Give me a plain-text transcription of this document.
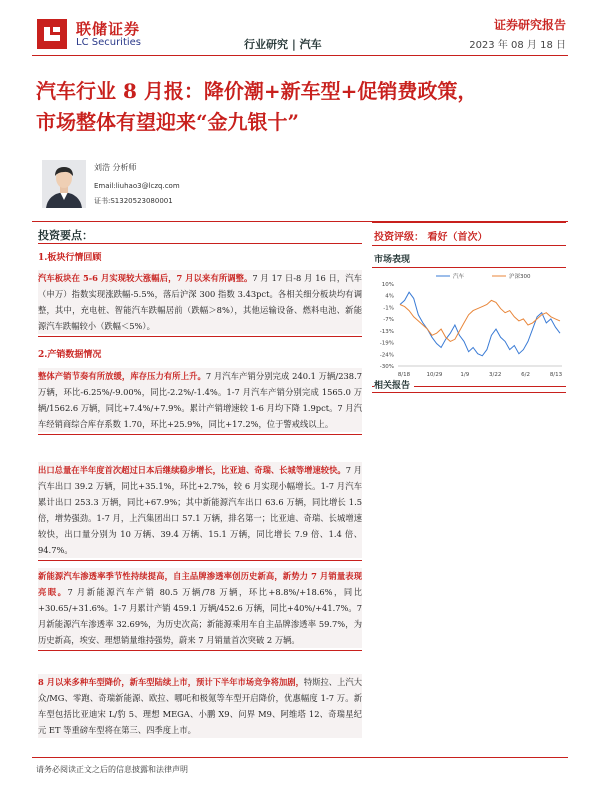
联储证券
LC Securities	行业研究 | 汽车
证券研究报告
2023 年 08 月 18 日
汽车行业 8 月报：降价潮+新车型+促销费政策，
市场整体有望迎来“金九银十”
刘浩 分析师
Email:liuhao3@lczq.com
证书:S1320523080001
投资要点：
1.板块行情回顾
汽车板块在 5-6 月实现较大涨幅后，7 月以来有所调整。7 月 17 日-8 月 16 日，汽车（申万）指数实现涨跌幅-5.5%，落后沪深 300 指数 3.43pct。各相关细分板块均有调整，其中，充电桩、智能汽车跌幅居前（跌幅＞8%），其他运输设备、燃料电池、新能源汽车跌幅较小（跌幅＜5%）。
2.产销数据情况
整体产销节奏有所放缓，库存压力有所上升。7 月汽车产销分别完成 240.1 万辆/238.7 万辆，环比-6.25%/-9.00%，同比-2.2%/-1.4%。1-7 月汽车产销分别完成 1565.0 万辆/1562.6 万辆，同比+7.4%/+7.9%。累计产销增速较 1-6 月均下降 1.9pct。7 月汽车经销商综合库存系数 1.70，环比+25.9%，同比+17.2%，位于警戒线以上。
出口总量在半年度首次超过日本后继续稳步增长，比亚迪、奇瑞、长城等增速较快。7 月汽车出口 39.2 万辆，同比+35.1%，环比+2.7%，较 6 月实现小幅增长。1-7 月汽车累计出口 253.3 万辆，同比+67.9%；其中新能源汽车出口 63.6 万辆，同比增长 1.5 倍，增势强劲。1-7 月，上汽集团出口 57.1 万辆，排名第一；比亚迪、奇瑞、长城增速较快，出口量分别为 10 万辆、39.4 万辆、15.1 万辆，同比增长 7.9 倍、1.4 倍、94.7%。
新能源汽车渗透率季节性持续提高，自主品牌渗透率创历史新高，新势力 7 月销量表现亮眼。7 月新能源汽车产销 80.5 万辆/78 万辆，环比+8.8%/+18.6%，同比+30.65/+31.6%。1-7 月累计产销 459.1 万辆/452.6 万辆，同比+40%/+41.7%。7 月新能源汽车渗透率 32.69%，为历史次高；新能源乘用车自主品牌渗透率 59.7%，为历史新高，埃安、理想销量维持强势，蔚来 7 月销量首次突破 2 万辆。
8 月以来多种车型降价，新车型陆续上市，预计下半年市场竞争将加剧，特斯拉、上汽大众/MG、零跑、奇瑞新能源、欧拉、哪吒和极氪等车型开启降价，优惠幅度 1-7 万。新车型包括比亚迪宋 L/豹 5、理想 MEGA、小鹏 X9、问界 M9、阿维塔 12、奇瑞星纪元 ET 等重磅车型将在第三、四季度上市。
投资评级： 看好（首次）
市场表现
汽车	沪深300
10%
4%
-1%
-7%
-13%
-19%
-24%
-30%
8/18	10/29	1/9	3/22	6/2	8/13
相关报告
请务必阅读正文之后的信息披露和法律声明
